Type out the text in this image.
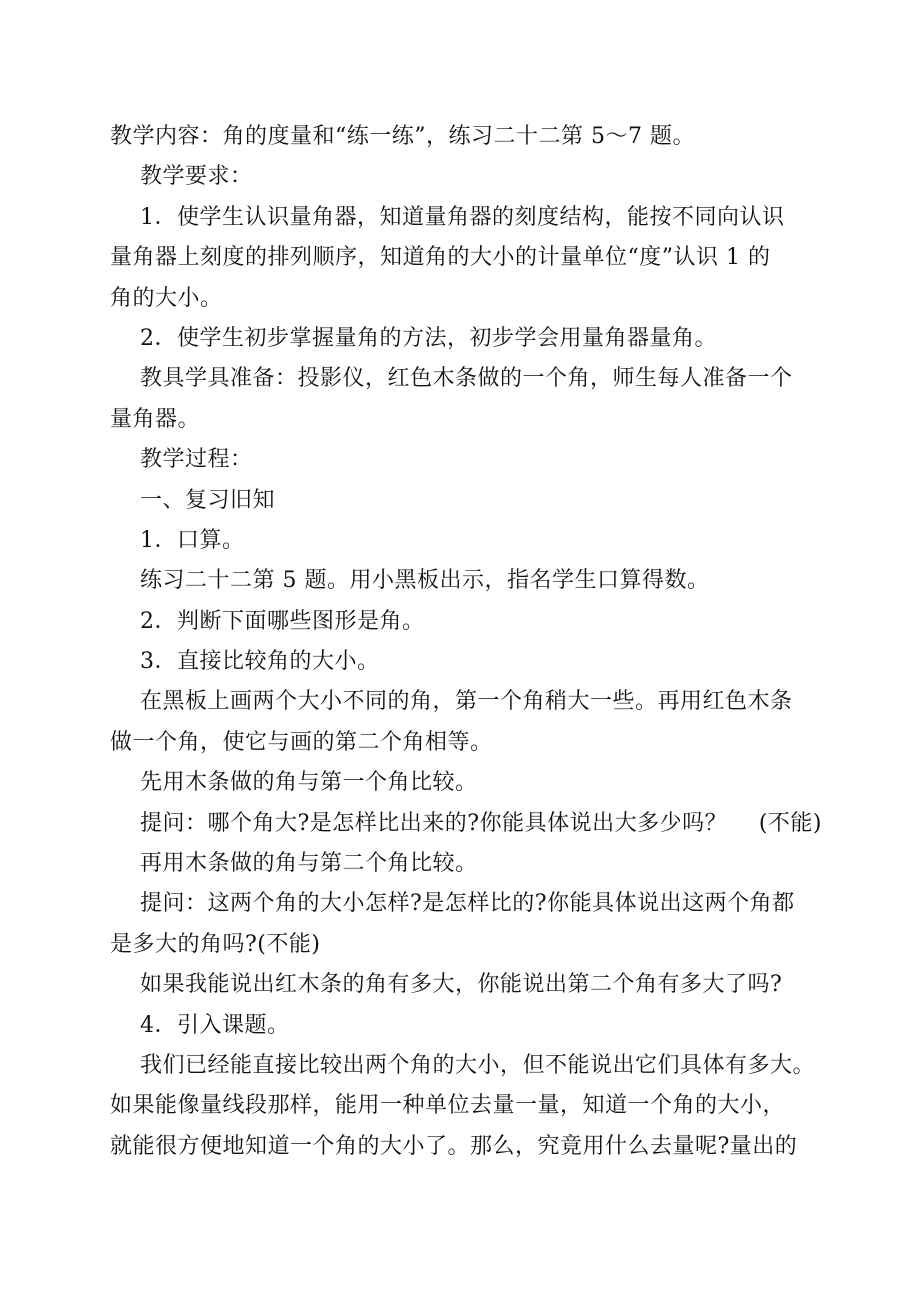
教学内容：角的度量和“练一练”，练习二十二第 5～7 题。
教学要求：
1．使学生认识量角器，知道量角器的刻度结构，能按不同向认识
量角器上刻度的排列顺序，知道角的大小的计量单位“度”认识 1 的
角的大小。
2．使学生初步掌握量角的方法，初步学会用量角器量角。
教具学具准备：投影仪，红色木条做的一个角，师生每人准备一个
量角器。
教学过程：
一、复习旧知
1．口算。
练习二十二第 5 题。用小黑板出示，指名学生口算得数。
2．判断下面哪些图形是角。
3．直接比较角的大小。
在黑板上画两个大小不同的角，第一个角稍大一些。再用红色木条
做一个角，使它与画的第二个角相等。
先用木条做的角与第一个角比较。
提问：哪个角大?是怎样比出来的?你能具体说出大多少吗？ (不能)
再用木条做的角与第二个角比较。
提问：这两个角的大小怎样?是怎样比的?你能具体说出这两个角都
是多大的角吗?(不能)
如果我能说出红木条的角有多大，你能说出第二个角有多大了吗?
4．引入课题。
我们已经能直接比较出两个角的大小，但不能说出它们具体有多大。
如果能像量线段那样，能用一种单位去量一量，知道一个角的大小，
就能很方便地知道一个角的大小了。那么，究竟用什么去量呢?量出的
